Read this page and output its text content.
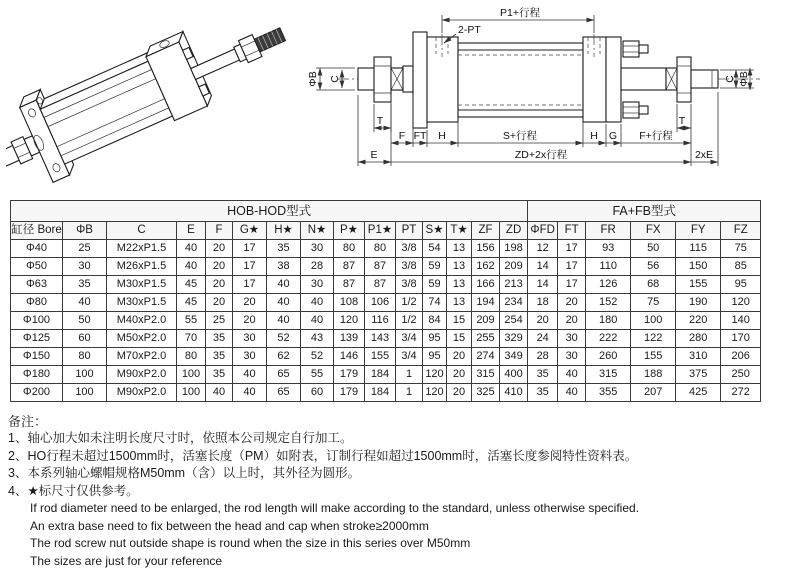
P1+行程
2-PT
ΦB C
T
F FT H	S+行程	H G F+行程
E	ZD+2x行程	2xE
T
C ΦB
HOB-HOD型式															FA+FB型式					
缸径 Bore	ΦB	C	E	F	G★	H★	N★	P★	P1★	PT	S★	T★	ZF	ZD	ΦFD	FT	FR	FX	FY	FZ
Φ40	25	M22xP1.5	40	20	17	35	30	80	80	3/8	54	13	156	198	12	17	93	50	115	75
Φ50	30	M26xP1.5	40	20	17	38	28	87	87	3/8	59	13	162	209	14	17	110	56	150	85
Φ63	35	M30xP1.5	45	20	17	40	30	87	87	3/8	59	13	166	213	14	17	126	68	155	95
Φ80	40	M30xP1.5	45	20	20	40	40	108	106	1/2	74	13	194	234	18	20	152	75	190	120
Φ100	50	M40xP2.0	55	25	20	40	40	120	116	1/2	84	15	209	254	20	20	180	100	220	140
Φ125	60	M50xP2.0	70	35	30	52	43	139	143	3/4	95	15	255	329	24	30	222	122	280	170
Φ150	80	M70xP2.0	80	35	30	62	52	146	155	3/4	95	20	274	349	28	30	260	155	310	206
Φ180	100	M90xP2.0	100	35	40	65	55	179	184	1	120	20	315	400	35	40	315	188	375	250
Φ200	100	M90xP2.0	100	40	40	65	60	179	184	1	120	20	325	410	35	40	355	207	425	272
备注：
1、轴心加大如未注明长度尺寸时，依照本公司规定自行加工。
2、HO行程未超过1500mm时，活塞长度（PM）如附表，订制行程如超过1500mm时，活塞长度参阅特性资料表。
3、本系列轴心螺帽规格M50mm（含）以上时，其外径为圆形。
4、★标尺寸仅供参考。
If rod diameter need to be enlarged, the rod length will make according to the standard, unless otherwise specified.
An extra base need to fix between the head and cap when stroke≥2000mm
The rod screw nut outside shape is round when the size in this series over M50mm
The sizes are just for your reference
